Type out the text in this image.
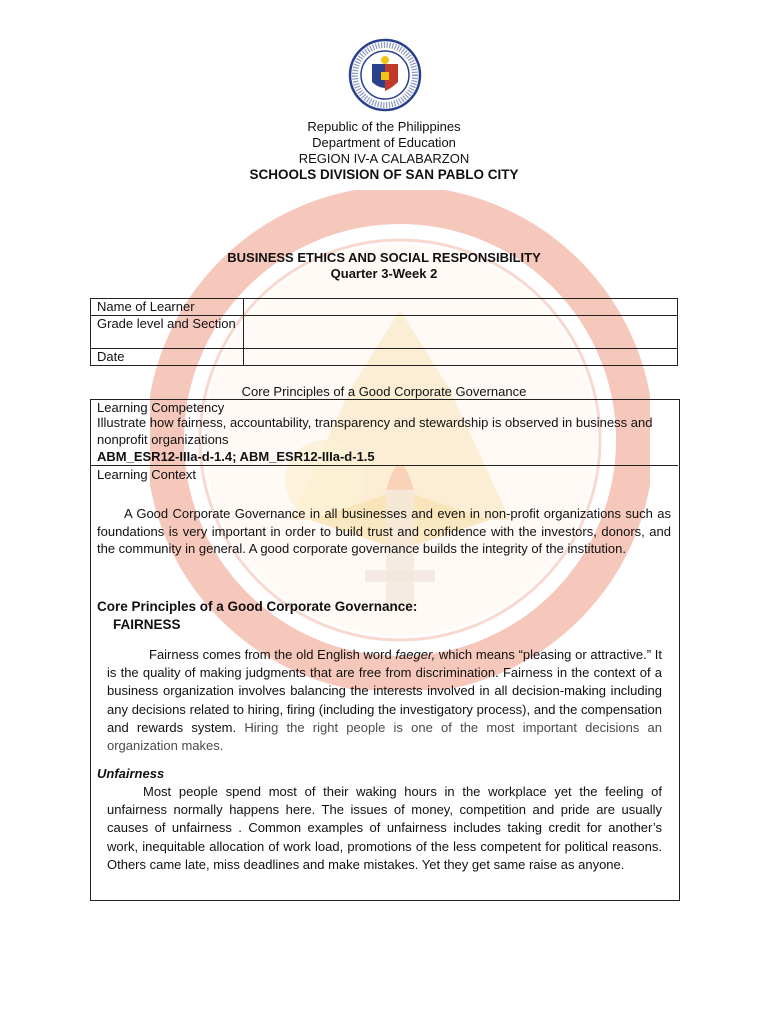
Republic of the Philippines
Department of Education
REGION IV-A CALABARZON
SCHOOLS DIVISION OF SAN PABLO CITY
BUSINESS ETHICS AND SOCIAL RESPONSIBILITY
Quarter 3-Week 2
Name of Learner	
Grade level and Section	
Date	
Core Principles of a Good Corporate Governance
Learning Competency
Illustrate how fairness, accountability, transparency and stewardship is observed in business and nonprofit organizations
ABM_ESR12-IIIa-d-1.4; ABM_ESR12-IIIa-d-1.5
Learning Context
A Good Corporate Governance in all businesses and even in non-profit organizations such as foundations is very important in order to build trust and confidence with the investors, donors, and the community in general. A good corporate governance builds the integrity of the institution.
Core Principles of a Good Corporate Governance:
FAIRNESS
Fairness comes from the old English word faeger, which means “pleasing or attractive.” It is the quality of making judgments that are free from discrimination. Fairness in the context of a business organization involves balancing the interests involved in all decision-making including any decisions related to hiring, firing (including the investigatory process), and the compensation and rewards system. Hiring the right people is one of the most important decisions an organization makes.
Unfairness
Most people spend most of their waking hours in the workplace yet the feeling of unfairness normally happens here. The issues of money, competition and pride are usually causes of unfairness . Common examples of unfairness includes taking credit for another’s work, inequitable allocation of work load, promotions of the less competent for political reasons. Others came late, miss deadlines and make mistakes. Yet they get same raise as anyone.
